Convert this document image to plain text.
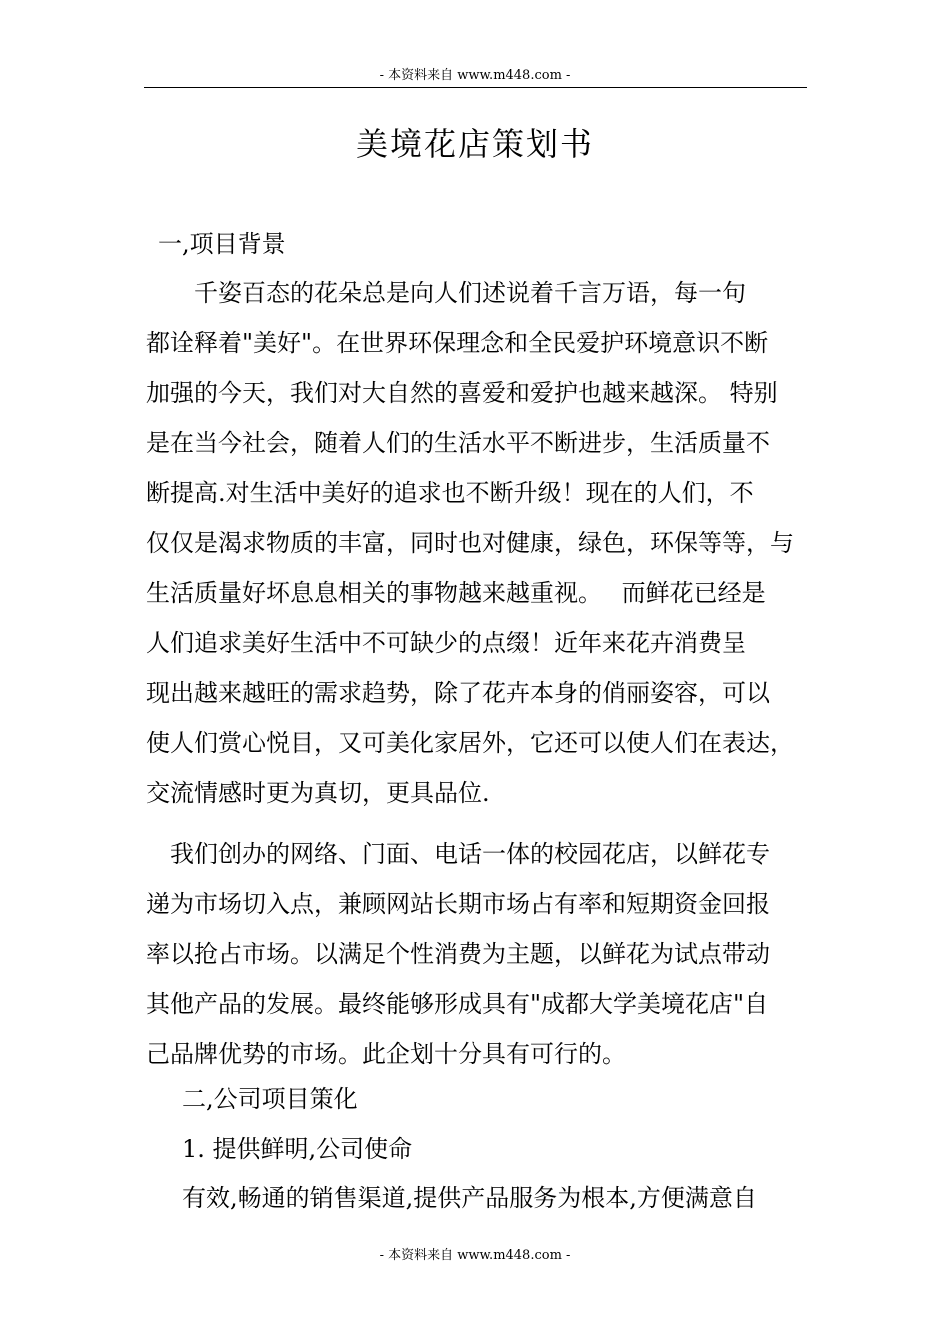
- 本资料来自 www.m448.com -
美境花店策划书
一,项目背景
　　千姿百态的花朵总是向人们述说着千言万语，每一句
都诠释着"美好"。在世界环保理念和全民爱护环境意识不断
加强的今天，我们对大自然的喜爱和爱护也越来越深。 特别
是在当今社会，随着人们的生活水平不断进步，生活质量不
断提高.对生活中美好的追求也不断升级！现在的人们，不
仅仅是渴求物质的丰富，同时也对健康，绿色，环保等等，与
生活质量好坏息息相关的事物越来越重视。　 而鲜花已经是
人们追求美好生活中不可缺少的点缀！近年来花卉消费呈
现出越来越旺的需求趋势，除了花卉本身的俏丽姿容，可以
使人们赏心悦目，又可美化家居外，它还可以使人们在表达，
交流情感时更为真切，更具品位.
　我们创办的网络、门面、电话一体的校园花店，以鲜花专
递为市场切入点，兼顾网站长期市场占有率和短期资金回报
率以抢占市场。以满足个性消费为主题，以鲜花为试点带动
其他产品的发展。最终能够形成具有"成都大学美境花店"自
己品牌优势的市场。此企划十分具有可行的。
二,公司项目策化
1. 提供鲜明,公司使命
有效,畅通的销售渠道,提供产品服务为根本,方便满意自
- 本资料来自 www.m448.com -
